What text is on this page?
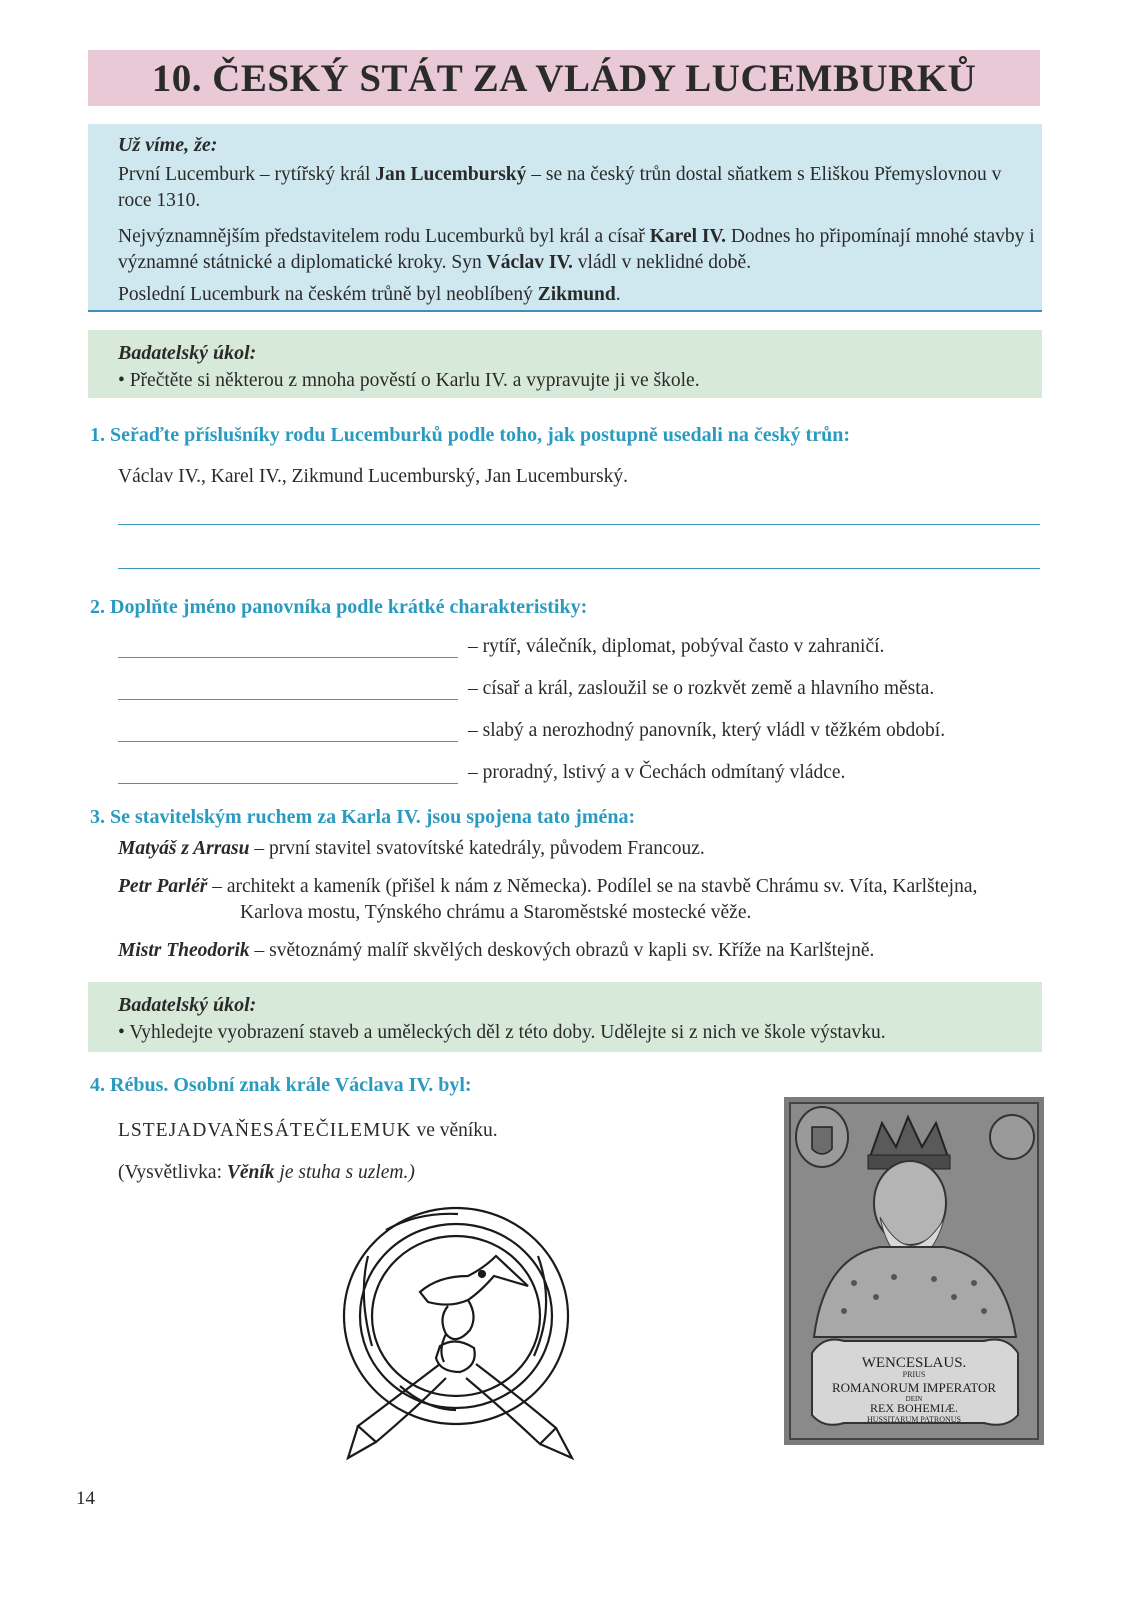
10. ČESKÝ STÁT ZA VLÁDY LUCEMBURKŮ
Už víme, že:

První Lucemburk – rytířský král Jan Lucemburský – se na český trůn dostal sňatkem s Eliškou Přemyslovnou v roce 1310.

Nejvýznamnějším představitelem rodu Lucemburků byl král a císař Karel IV. Dodnes ho připomínají mnohé stavby i významné státnické a diplomatické kroky. Syn Václav IV. vládl v neklidné době.

Poslední Lucemburk na českém trůně byl neoblíbený Zikmund.

Badatelský úkol:
• Přečtěte si některou z mnoha pověstí o Karlu IV. a vypravujte ji ve škole.
1. Seřaďte příslušníky rodu Lucemburků podle toho, jak postupně usedali na český trůn:
Václav IV., Karel IV., Zikmund Lucemburský, Jan Lucemburský.
2. Doplňte jméno panovníka podle krátké charakteristiky:
– rytíř, válečník, diplomat, pobýval často v zahraničí.
– císař a král, zasloužil se o rozkvět země a hlavního města.
– slabý a nerozhodný panovník, který vládl v těžkém období.
– proradný, lstivý a v Čechách odmítaný vládce.
3. Se stavitelským ruchem za Karla IV. jsou spojena tato jména:
Matyáš z Arrasu – první stavitel svatovítské katedrály, původem Francouz.
Petr Parléř – architekt a kameník (přišel k nám z Německa). Podílel se na stavbě Chrámu sv. Víta, Karlštejna,
Karlova mostu, Týnského chrámu a Staroměstské mostecké věže.
Mistr Theodorik – světoznámý malíř skvělých deskových obrazů v kapli sv. Kříže na Karlštejně.
Badatelský úkol:
• Vyhledejte vyobrazení staveb a uměleckých děl z této doby. Udělejte si z nich ve škole výstavku.
4. Rébus. Osobní znak krále Václava IV. byl:
LSTEJADVAŇESÁTEČILEMUK ve věníku.
(Vysvětlivka: Věník je stuha s uzlem.)
WENCESLAUS.
PRIUS
ROMANORUM IMPERATOR
DEIN
REX BOHEMIÆ.
HUSSITARUM PATRONUS
14
